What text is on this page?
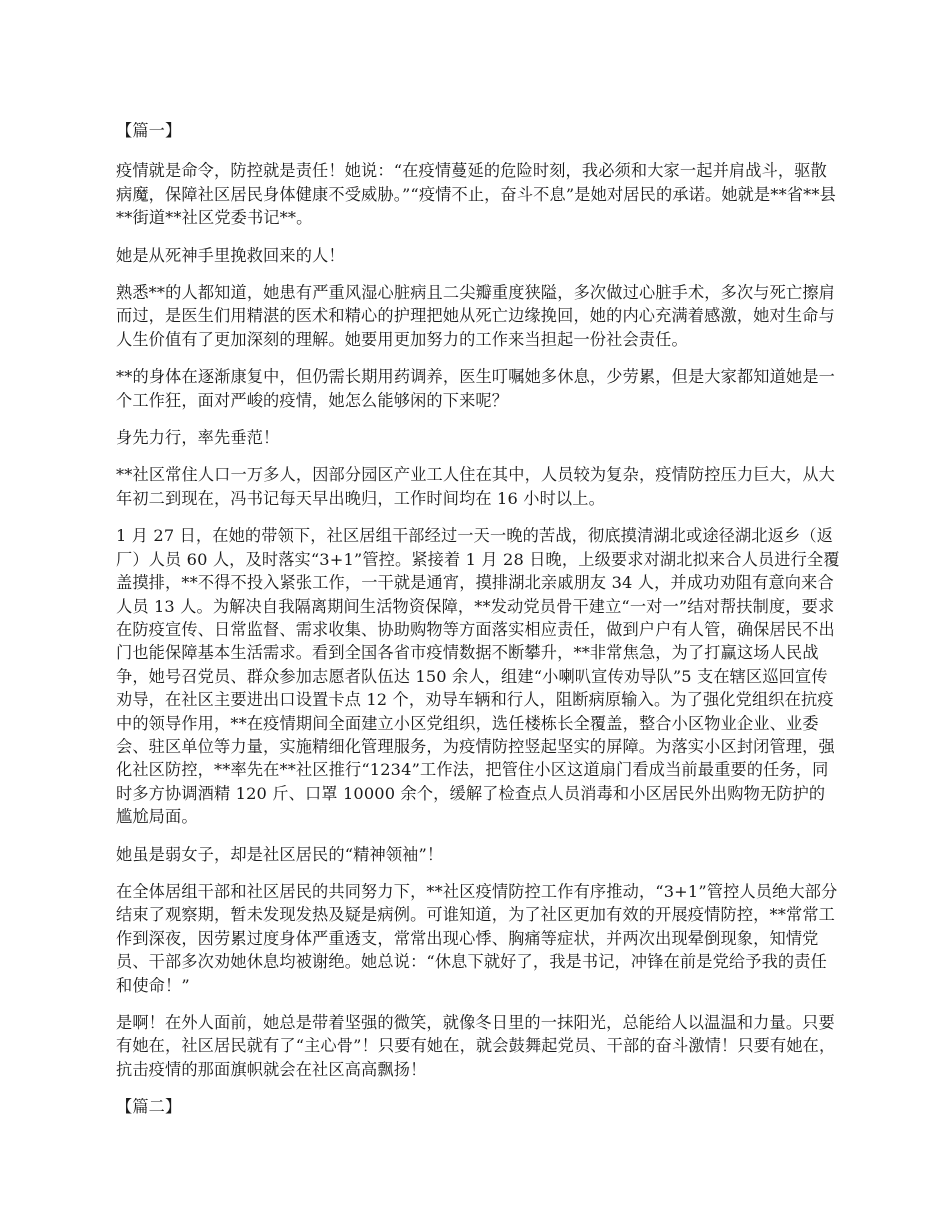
【篇一】

疫情就是命令，防控就是责任！她说：“在疫情蔓延的危险时刻，我必须和大家一起并肩战斗，驱散病魔，保障社区居民身体健康不受威胁。”“疫情不止，奋斗不息”是她对居民的承诺。她就是**省**县**街道**社区党委书记**。

她是从死神手里挽救回来的人！

熟悉**的人都知道，她患有严重风湿心脏病且二尖瓣重度狭隘，多次做过心脏手术，多次与死亡擦肩而过，是医生们用精湛的医术和精心的护理把她从死亡边缘挽回，她的内心充满着感激，她对生命与人生价值有了更加深刻的理解。她要用更加努力的工作来当担起一份社会责任。

**的身体在逐渐康复中，但仍需长期用药调养，医生叮嘱她多休息，少劳累，但是大家都知道她是一个工作狂，面对严峻的疫情，她怎么能够闲的下来呢？

身先力行，率先垂范！

**社区常住人口一万多人，因部分园区产业工人住在其中，人员较为复杂，疫情防控压力巨大，从大年初二到现在，冯书记每天早出晚归，工作时间均在 16 小时以上。

1 月 27 日，在她的带领下，社区居组干部经过一天一晚的苦战，彻底摸清湖北或途径湖北返乡（返厂）人员 60 人，及时落实“3+1”管控。紧接着 1 月 28 日晚，上级要求对湖北拟来合人员进行全覆盖摸排，**不得不投入紧张工作，一干就是通宵，摸排湖北亲戚朋友 34 人，并成功劝阻有意向来合人员 13 人。为解决自我隔离期间生活物资保障，**发动党员骨干建立“一对一”结对帮扶制度，要求在防疫宣传、日常监督、需求收集、协助购物等方面落实相应责任，做到户户有人管，确保居民不出门也能保障基本生活需求。看到全国各省市疫情数据不断攀升，**非常焦急，为了打赢这场人民战争，她号召党员、群众参加志愿者队伍达 150 余人，组建“小喇叭宣传劝导队”5 支在辖区巡回宣传劝导，在社区主要进出口设置卡点 12 个，劝导车辆和行人，阻断病原输入。为了强化党组织在抗疫中的领导作用，**在疫情期间全面建立小区党组织，选任楼栋长全覆盖，整合小区物业企业、业委会、驻区单位等力量，实施精细化管理服务，为疫情防控竖起坚实的屏障。为落实小区封闭管理，强化社区防控，**率先在**社区推行“1234”工作法，把管住小区这道扇门看成当前最重要的任务，同时多方协调酒精 120 斤、口罩 10000 余个，缓解了检查点人员消毒和小区居民外出购物无防护的尴尬局面。

她虽是弱女子，却是社区居民的“精神领袖”！

在全体居组干部和社区居民的共同努力下，**社区疫情防控工作有序推动，“3+1”管控人员绝大部分结束了观察期，暂未发现发热及疑是病例。可谁知道，为了社区更加有效的开展疫情防控，**常常工作到深夜，因劳累过度身体严重透支，常常出现心悸、胸痛等症状，并两次出现晕倒现象，知情党员、干部多次劝她休息均被谢绝。她总说：“休息下就好了，我是书记，冲锋在前是党给予我的责任和使命！”

是啊！在外人面前，她总是带着坚强的微笑，就像冬日里的一抹阳光，总能给人以温温和力量。只要有她在，社区居民就有了“主心骨”！只要有她在，就会鼓舞起党员、干部的奋斗激情！只要有她在，抗击疫情的那面旗帜就会在社区高高飘扬！

【篇二】
